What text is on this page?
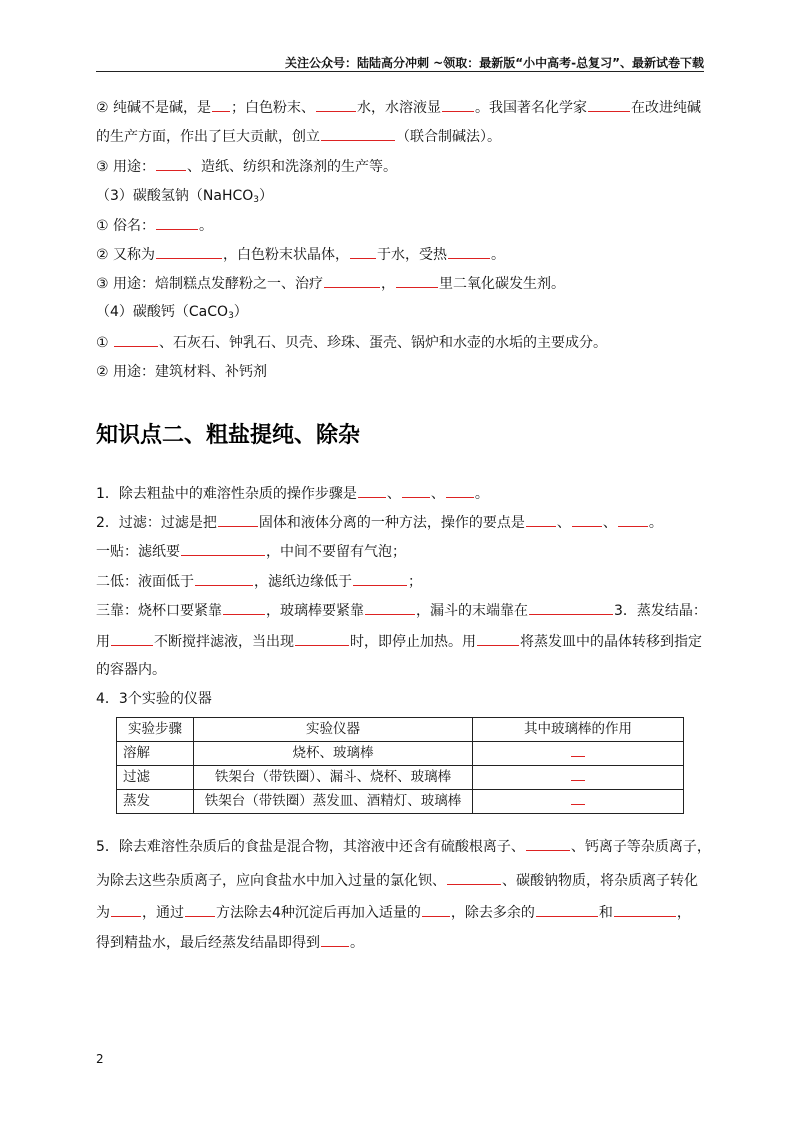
关注公众号：陆陆高分冲刺 ~领取：最新版“小中高考-总复习”、最新试卷下载
② 纯碱不是碱，是 ；白色粉末、	水，水溶液显 。我国著名化学家	在改进纯碱
的生产方面，作出了巨大贡献，创立	（联合制碱法）。
③ 用途： 、造纸、纺织和洗涤剂的生产等。
（3）碳酸氢钠（NaHCO$_3$）
① 俗名：	。
② 又称为	，白色粉末状晶体， 于水，受热	。
③ 用途：焙制糕点发酵粉之一、治疗	，	里二氧化碳发生剂。
（4）碳酸钙（CaCO$_3$）
①	、石灰石、钟乳石、贝壳、珍珠、蛋壳、锅炉和水壶的水垢的主要成分。
② 用途：建筑材料、补钙剂
知识点二、粗盐提纯、除杂
1．除去粗盐中的难溶性杂质的操作步骤是 、 、 。
2．过滤：过滤是把	固体和液体分离的一种方法，操作的要点是 、 、 。
一贴：滤纸要	，中间不要留有气泡；
二低：液面低于	，滤纸边缘低于	；
三靠：烧杯口要紧靠	，玻璃棒要紧靠	，漏斗的末端靠在	3．蒸发结晶：
用	不断搅拌滤液，当出现	时，即停止加热。用	将蒸发皿中的晶体转移到指定
的容器内。
4．3个实验的仪器
实验步骤	实验仪器	其中玻璃棒的作用
溶解	烧杯、玻璃棒	
过滤	铁架台（带铁圈）、漏斗、烧杯、玻璃棒	
蒸发	铁架台（带铁圈）蒸发皿、酒精灯、玻璃棒	
5．除去难溶性杂质后的食盐是混合物，其溶液中还含有硫酸根离子、	、钙离子等杂质离子，
为除去这些杂质离子，应向食盐水中加入过量的氯化钡、	、碳酸钠物质，将杂质离子转化
为 ，通过 方法除去4种沉淀后再加入适量的 ，除去多余的	和	，
得到精盐水，最后经蒸发结晶即得到 。
2
